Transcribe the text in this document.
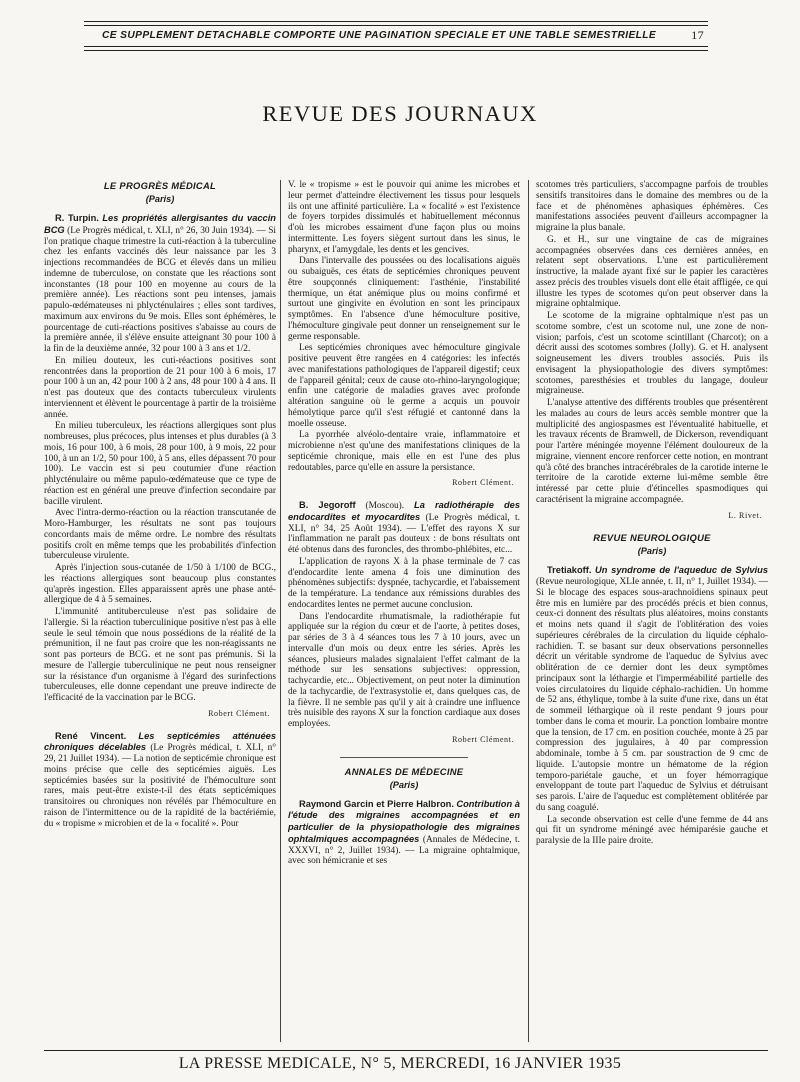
CE SUPPLÉMENT DÉTACHABLE COMPORTE UNE PAGINATION SPÉCIALE ET UNE TABLE SEMESTRIELLE	17
REVUE DES JOURNAUX
LE PROGRÈS MÉDICAL
(Paris)

R. Turpin. Les propriétés allergisantes du vaccin BCG (Le Progrès médical, t. XLI, n° 26, 30 Juin 1934). — Si l'on pratique chaque trimestre la cuti-réaction à la tuberculine chez les enfants vaccinés dès leur naissance par les 3 injections recommandées de BCG et élevés dans un milieu indemne de tuberculose, on constate que les réactions sont inconstantes (18 pour 100 en moyenne au cours de la première année). Les réactions sont peu intenses, jamais papulo-œdémateuses ni phlycténulaires ; elles sont tardives, maximum aux environs du 9e mois. Elles sont éphémères, le pourcentage de cuti-réactions positives s'abaisse au cours de la première année, il s'élève ensuite atteignant 30 pour 100 à la fin de la deuxième année, 32 pour 100 à 3 ans et 1/2.

En milieu douteux, les cuti-réactions positives sont rencontrées dans la proportion de 21 pour 100 à 6 mois, 17 pour 100 à un an, 42 pour 100 à 2 ans, 48 pour 100 à 4 ans. Il n'est pas douteux que des contacts tuberculeux virulents interviennent et élèvent le pourcentage à partir de la troisième année.

En milieu tuberculeux, les réactions allergiques sont plus nombreuses, plus précoces, plus intenses et plus durables (à 3 mois, 16 pour 100, à 6 mois, 28 pour 100, à 9 mois, 22 pour 100, à un an 1/2, 50 pour 100, à 5 ans, elles dépassent 70 pour 100). Le vaccin est si peu coutumier d'une réaction phlycténulaire ou même papulo-œdémateuse que ce type de réaction est en général une preuve d'infection secondaire par bacille virulent.

Avec l'intra-dermo-réaction ou la réaction transcutanée de Moro-Hamburger, les résultats ne sont pas toujours concordants mais de même ordre. Le nombre des résultats positifs croît en même temps que les probabilités d'infection tuberculeuse virulente.

Après l'injection sous-cutanée de 1/50 à 1/100 de BCG., les réactions allergiques sont beaucoup plus constantes qu'après ingestion. Elles apparaissent après une phase anté-allergique de 4 à 5 semaines.

L'immunité antituberculeuse n'est pas solidaire de l'allergie. Si la réaction tuberculinique positive n'est pas à elle seule le seul témoin que nous possédions de la réalité de la prémunition, il ne faut pas croire que les non-réagissants ne sont pas porteurs de BCG. et ne sont pas prémunis. Si la mesure de l'allergie tuberculinique ne peut nous renseigner sur la résistance d'un organisme à l'égard des surinfections tuberculeuses, elle donne cependant une preuve indirecte de l'efficacité de la vaccination par le BCG.

Robert Clément.

René Vincent. Les septicémies atténuées chroniques décelables (Le Progrès médical, t. XLI, n° 29, 21 Juillet 1934). — La notion de septicémie chronique est moins précise que celle des septicémies aiguës. Les septicémies basées sur la positivité de l'hémoculture sont rares, mais peut-être existe-t-il des états septicémiques transitoires ou chroniques non révélés par l'hémoculture en raison de l'intermittence ou de la rapidité de la bactériémie, du « tropisme » microbien et de la « focalité ». Pour

V. le « tropisme » est le pouvoir qui anime les microbes et leur permet d'atteindre électivement les tissus pour lesquels ils ont une affinité particulière. La « focalité » est l'existence de foyers torpides dissimulés et habituellement méconnus d'où les microbes essaiment d'une façon plus ou moins intermittente. Les foyers siègent surtout dans les sinus, le pharynx, et l'amygdale, les dents et les gencives.

Dans l'intervalle des poussées ou des localisations aiguës ou subaiguës, ces états de septicémies chroniques peuvent être soupçonnés cliniquement: l'asthénie, l'instabilité thermique, un état anémique plus ou moins confirmé et surtout une gingivite en évolution en sont les principaux symptômes. En l'absence d'une hémoculture positive, l'hémoculture gingivale peut donner un renseignement sur le germe responsable.

Les septicémies chroniques avec hémoculture gingivale positive peuvent être rangées en 4 catégories: les infectés avec manifestations pathologiques de l'appareil digestif; ceux de l'appareil génital; ceux de cause oto-rhino-laryngologique; enfin une catégorie de maladies graves avec profonde altération sanguine où le germe a acquis un pouvoir hémolytique parce qu'il s'est réfugié et cantonné dans la moelle osseuse.

La pyorrhée alvéolo-dentaire vraie, inflammatoire et microbienne n'est qu'une des manifestations cliniques de la septicémie chronique, mais elle en est l'une des plus redoutables, parce qu'elle en assure la persistance.

Robert Clément.

B. Jegoroff (Moscou). La radiothérapie des endocardites et myocardites (Le Progrès médical, t. XLI, n° 34, 25 Août 1934). — L'effet des rayons X sur l'inflammation ne paraît pas douteux : de bons résultats ont été obtenus dans des furoncles, des thrombo-phlébites, etc...

L'application de rayons X à la phase terminale de 7 cas d'endocardite lente amena 4 fois une diminution des phénomènes subjectifs: dyspnée, tachycardie, et l'abaissement de la température. La tendance aux rémissions durables des endocardites lentes ne permet aucune conclusion.

Dans l'endocardite rhumatismale, la radiothérapie fut appliquée sur la région du cœur et de l'aorte, à petites doses, par séries de 3 à 4 séances tous les 7 à 10 jours, avec un intervalle d'un mois ou deux entre les séries. Après les séances, plusieurs malades signalaient l'effet calmant de la méthode sur les sensations subjectives: oppression, tachycardie, etc... Objectivement, on peut noter la diminution de la tachycardie, de l'extrasystolie et, dans quelques cas, de la fièvre. Il ne semble pas qu'il y ait à craindre une influence très nuisible des rayons X sur la fonction cardiaque aux doses employées.

Robert Clément.
ANNALES DE MÉDECINE
(Paris)

Raymond Garcin et Pierre Halbron. Contribution à l'étude des migraines accompagnées et en particulier de la physiopathologie des migraines ophtalmiques accompagnées (Annales de Médecine, t. XXXVI, n° 2, Juillet 1934). — La migraine ophtalmique, avec son hémicranie et ses

scotomes très particuliers, s'accompagne parfois de troubles sensitifs transitoires dans le domaine des membres ou de la face et de phénomènes aphasiques éphémères. Ces manifestations associées peuvent d'ailleurs accompagner la migraine la plus banale.

G. et H., sur une vingtaine de cas de migraines accompagnées observées dans ces dernières années, en relatent sept observations. L'une est particulièrement instructive, la malade ayant fixé sur le papier les caractères assez précis des troubles visuels dont elle était affligée, ce qui illustre les types de scotomes qu'on peut observer dans la migraine ophtalmique.

Le scotome de la migraine ophtalmique n'est pas un scotome sombre, c'est un scotome nul, une zone de non-vision; parfois, c'est un scotome scintillant (Charcot); on a décrit aussi des scotomes sombres (Jolly). G. et H. analysent soigneusement les divers troubles associés. Puis ils envisagent la physiopathologie des divers symptômes: scotomes, paresthésies et troubles du langage, douleur migraineuse.

L'analyse attentive des différents troubles que présentèrent les malades au cours de leurs accès semble montrer que la multiplicité des angiospasmes est l'éventualité habituelle, et les travaux récents de Bramwell, de Dickerson, revendiquant pour l'artère méningée moyenne l'élément douloureux de la migraine, viennent encore renforcer cette notion, en montrant qu'à côté des branches intracérébrales de la carotide interne le territoire de la carotide externe lui-même semble être intéressé par cette pluie d'étincelles spasmodiques qui caractérisent la migraine accompagnée.

L. Rivet.
REVUE NEUROLOGIQUE
(Paris)

Tretiakoff. Un syndrome de l'aqueduc de Sylvius (Revue neurologique, XLIe année, t. II, n° 1, Juillet 1934). — Si le blocage des espaces sous-arachnoïdiens spinaux peut être mis en lumière par des procédés précis et bien connus, ceux-ci donnent des résultats plus aléatoires, moins constants et moins nets quand il s'agit de l'oblitération des voies supérieures cérébrales de la circulation du liquide céphalo-rachidien. T. se basant sur deux observations personnelles décrit un véritable syndrome de l'aqueduc de Sylvius avec oblitération de ce dernier dont les deux symptômes principaux sont la léthargie et l'imperméabilité partielle des voies circulatoires du liquide céphalo-rachidien. Un homme de 52 ans, éthylique, tombe à la suite d'une rixe, dans un état de sommeil léthargique où il reste pendant 9 jours pour tomber dans le coma et mourir. La ponction lombaire montre que la tension, de 17 cm. en position couchée, monte à 25 par compression des jugulaires, à 40 par compression abdominale, tombe à 5 cm. par soustraction de 9 cmc de liquide. L'autopsie montre un hématome de la région temporo-pariétale gauche, et un foyer hémorragique enveloppant de toute part l'aqueduc de Sylvius et détruisant ses parois. L'aire de l'aqueduc est complètement oblitérée par du sang coagulé.

La seconde observation est celle d'une femme de 44 ans qui fit un syndrome méningé avec hémiparésie gauche et paralysie de la IIIe paire droite.

LA PRESSE MEDICALE, N° 5, MERCREDI, 16 JANVIER 1935
